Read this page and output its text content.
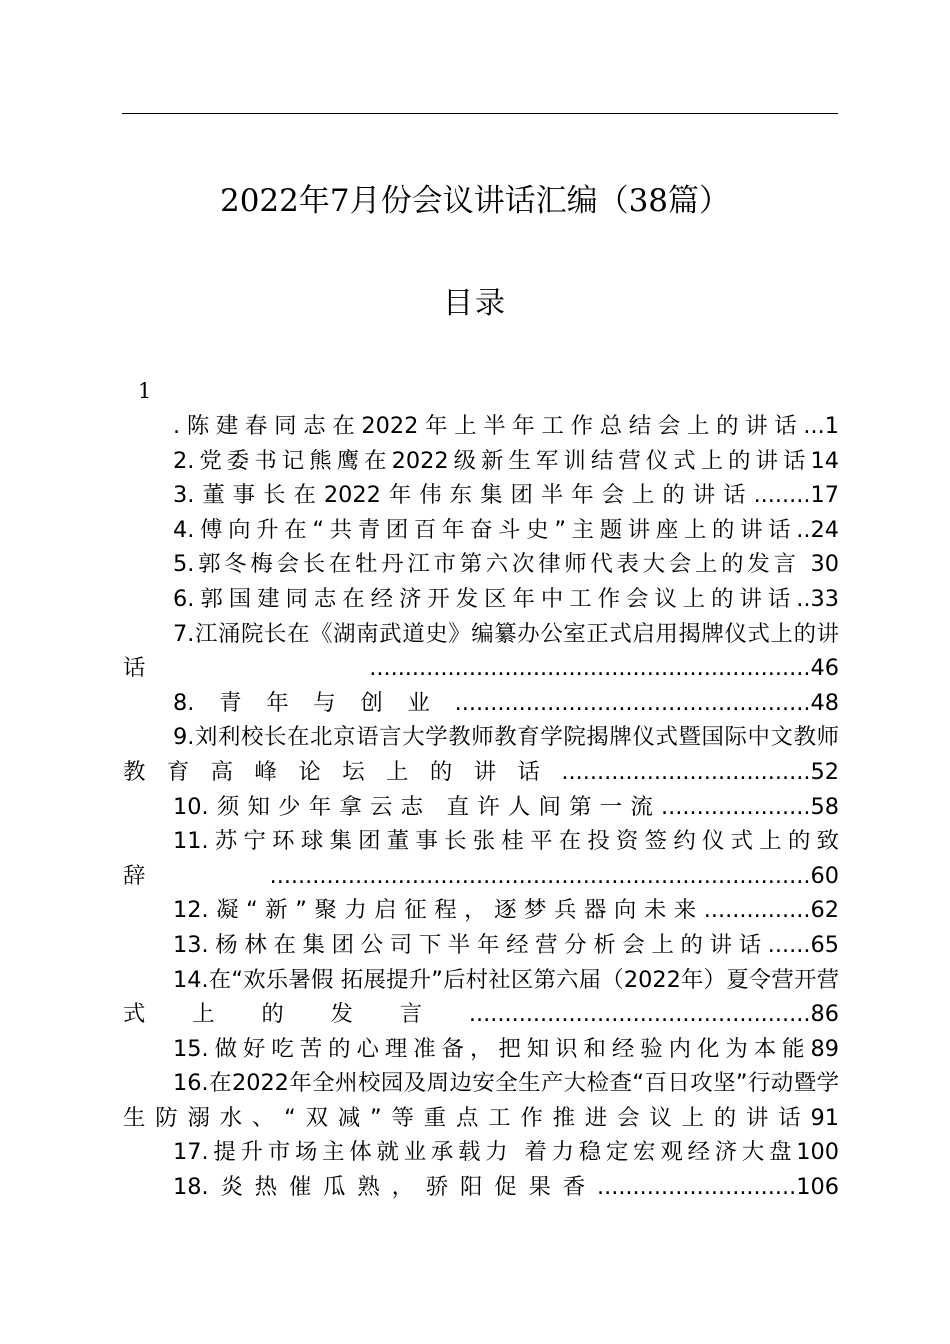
2022年7月份会议讲话汇编（38篇）
目录
1
.陈建春同志在2022年上半年工作总结会上的讲话...1
2.党委书记熊鹰在2022级新生军训结营仪式上的讲话14
3.董事长在2022年伟东集团半年会上的讲话........17
4.傅向升在“共青团百年奋斗史”主题讲座上的讲话..24
5.郭冬梅会长在牡丹江市第六次律师代表大会上的发言 30
6.郭国建同志在经济开发区年中工作会议上的讲话..33
7.江涌院长在《湖南武道史》编纂办公室正式启用揭牌仪式上的讲话..............................................................46
8.青年与创业..................................................48
9.刘利校长在北京语言大学教师教育学院揭牌仪式暨国际中文教师教育高峰论坛上的讲话...................................52
10.须知少年拿云志 直许人间第一流.....................58
11.苏宁环球集团董事长张桂平在投资签约仪式上的致辞............................................................................60
12.凝“新”聚力启征程，逐梦兵器向未来...............62
13.杨林在集团公司下半年经营分析会上的讲话......65
14.在“欢乐暑假 拓展提升”后村社区第六届（2022年）夏令营开营式上的发言................................................86
15.做好吃苦的心理准备，把知识和经验内化为本能89
16.在2022年全州校园及周边安全生产大检查“百日攻坚”行动暨学生防溺水、“双减”等重点工作推进会议上的讲话91
17.提升市场主体就业承载力 着力稳定宏观经济大盘100
18.炎热催瓜熟，骄阳促果香............................106
